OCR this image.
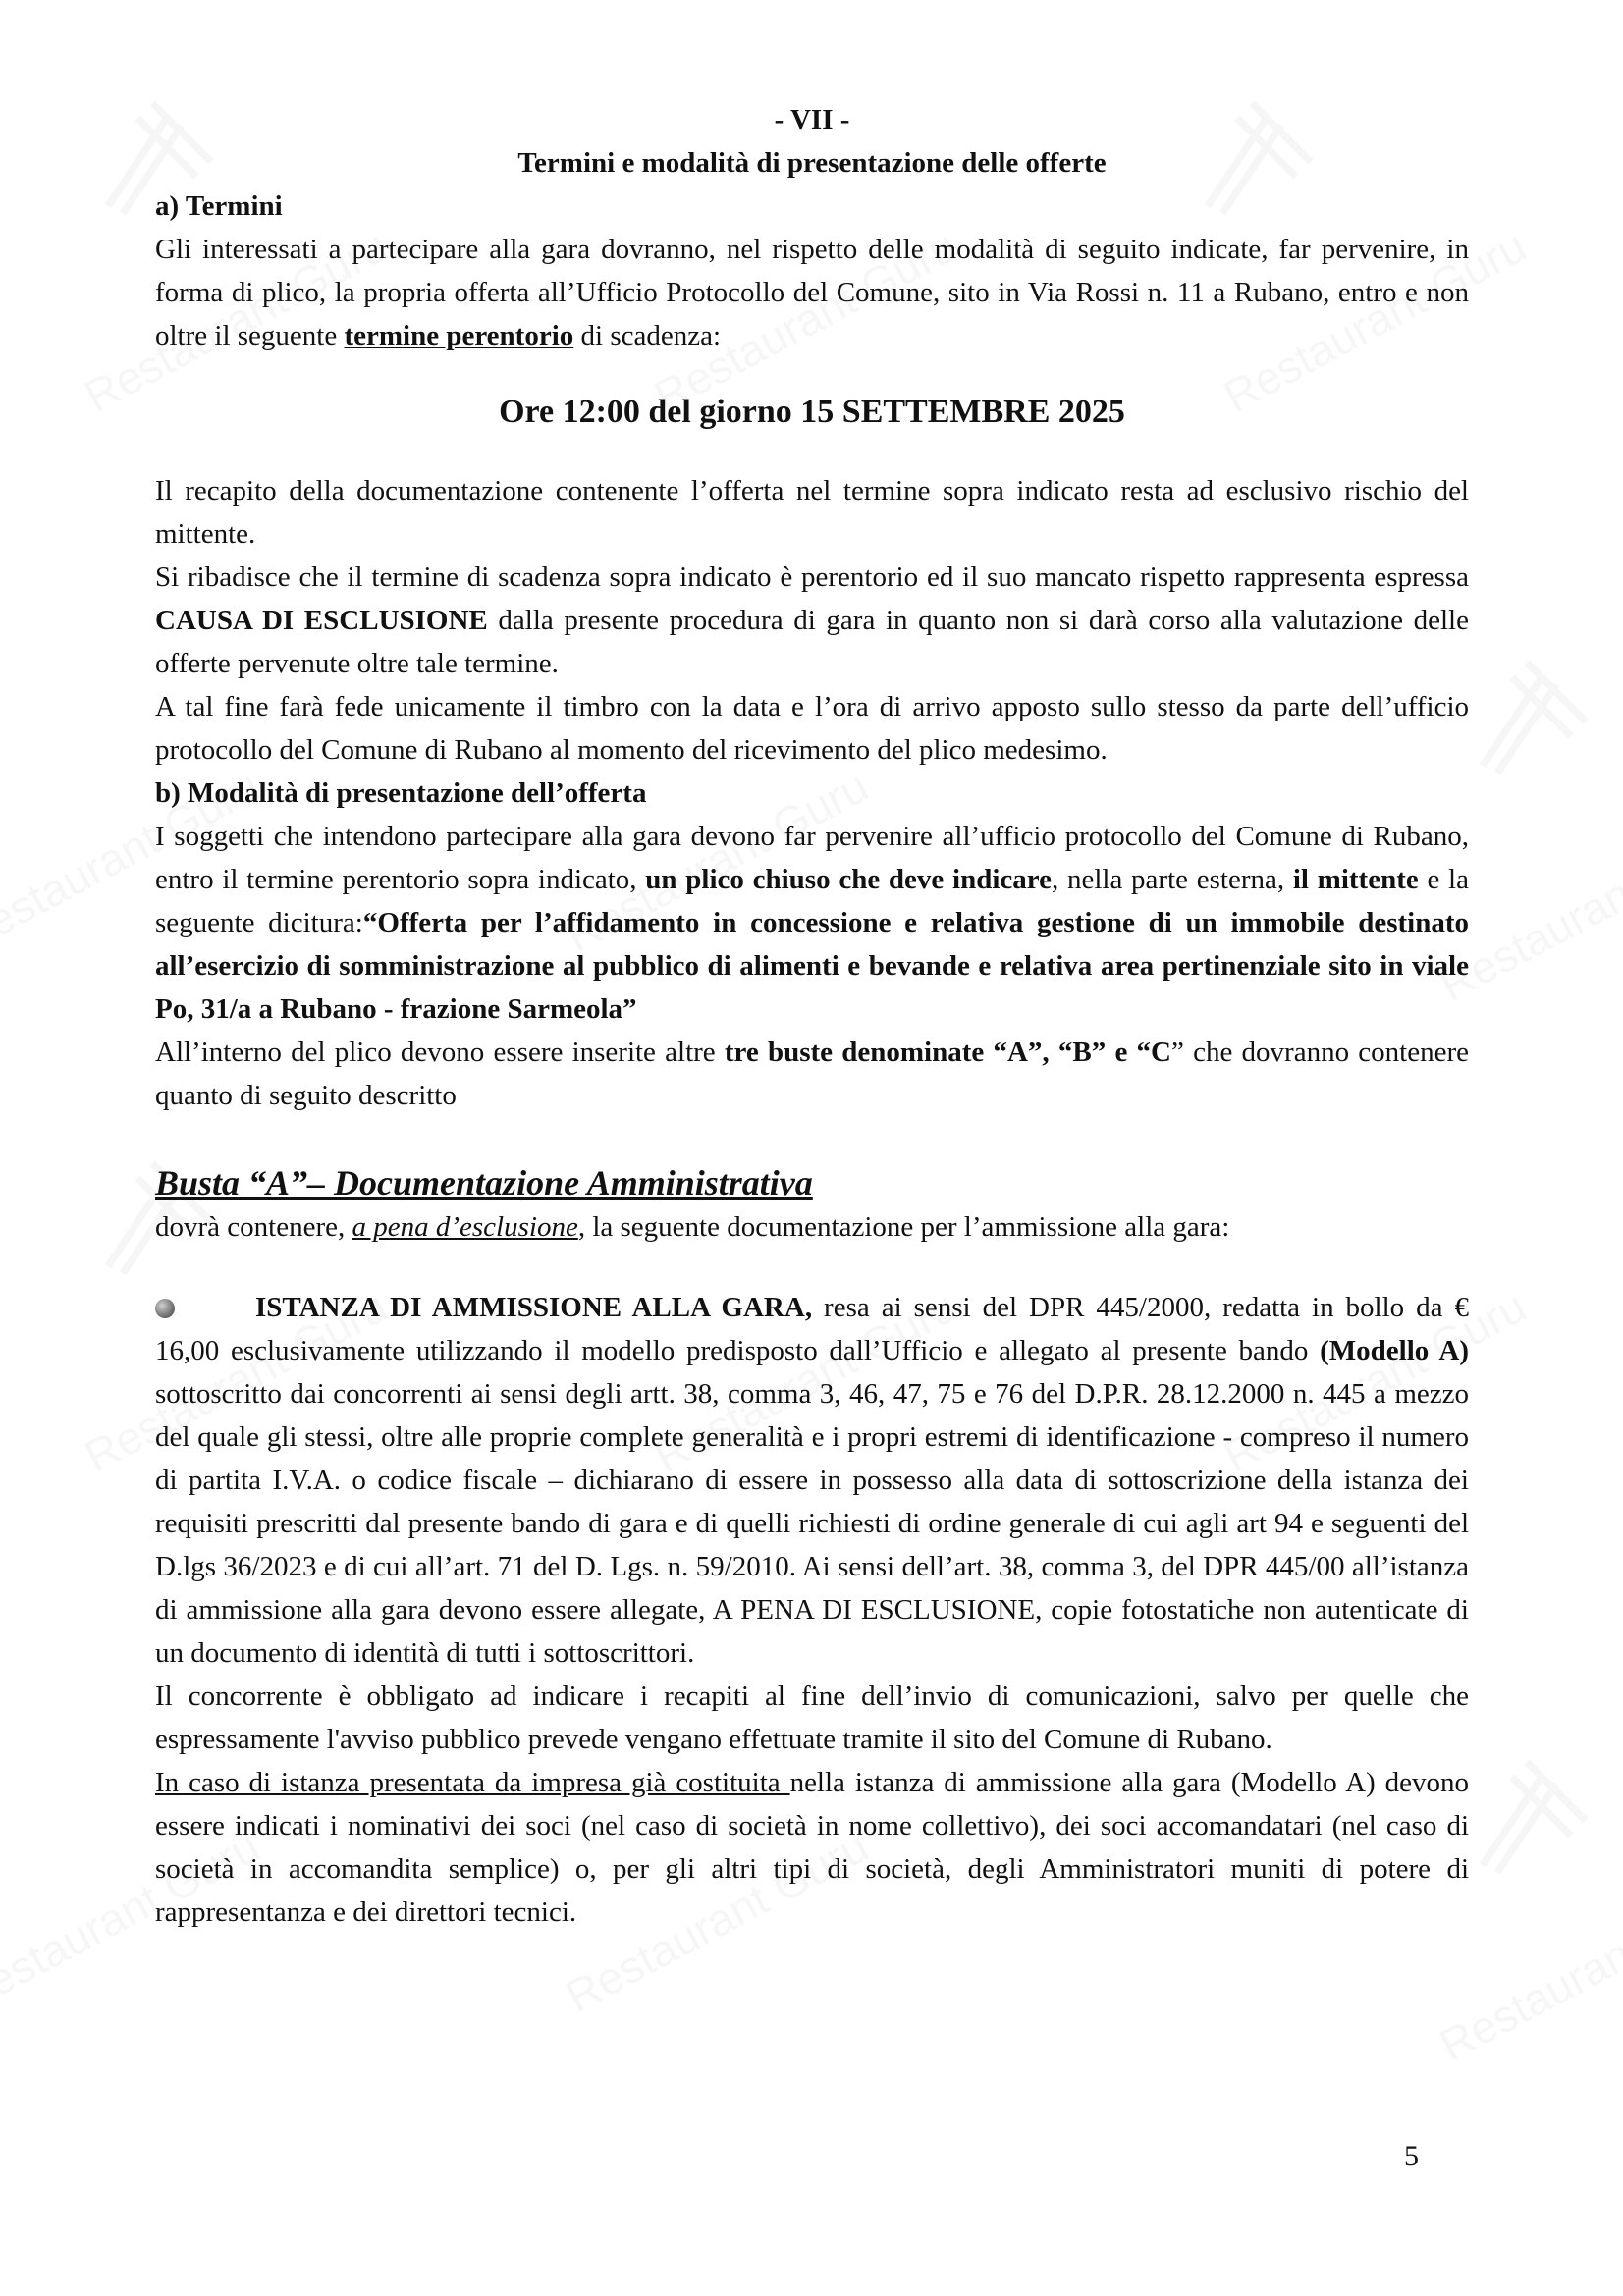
- VII -

Termini e modalità di presentazione delle offerte

a) Termini

Gli interessati a partecipare alla gara dovranno, nel rispetto delle modalità di seguito indicate, far pervenire, in forma di plico, la propria offerta all’Ufficio Protocollo del Comune, sito in Via Rossi n. 11 a Rubano, entro e non oltre il seguente termine perentorio di scadenza:

Ore 12:00 del giorno 15 SETTEMBRE 2025

Il recapito della documentazione contenente l’offerta nel termine sopra indicato resta ad esclusivo rischio del mittente.

Si ribadisce che il termine di scadenza sopra indicato è perentorio ed il suo mancato rispetto rappresenta espressa CAUSA DI ESCLUSIONE dalla presente procedura di gara in quanto non si darà corso alla valutazione delle offerte pervenute oltre tale termine.

A tal fine farà fede unicamente il timbro con la data e l’ora di arrivo apposto sullo stesso da parte dell’ufficio protocollo del Comune di Rubano al momento del ricevimento del plico medesimo.

b) Modalità di presentazione dell’offerta

I soggetti che intendono partecipare alla gara devono far pervenire all’ufficio protocollo del Comune di Rubano, entro il termine perentorio sopra indicato, un plico chiuso che deve indicare, nella parte esterna, il mittente e la seguente dicitura:“Offerta per l’affidamento in concessione e relativa gestione di un immobile destinato all’esercizio di somministrazione al pubblico di alimenti e bevande e relativa area pertinenziale sito in viale Po, 31/a a Rubano - frazione Sarmeola”

All’interno del plico devono essere inserite altre tre buste denominate “A”, “B” e “C” che dovranno contenere quanto di seguito descritto

Busta “A”– Documentazione Amministrativa

dovrà contenere, a pena d’esclusione, la seguente documentazione per l’ammissione alla gara:

ISTANZA DI AMMISSIONE ALLA GARA, resa ai sensi del DPR 445/2000, redatta in bollo da € 16,00 esclusivamente utilizzando il modello predisposto dall’Ufficio e allegato al presente bando (Modello A) sottoscritto dai concorrenti ai sensi degli artt. 38, comma 3, 46, 47, 75 e 76 del D.P.R. 28.12.2000 n. 445 a mezzo del quale gli stessi, oltre alle proprie complete generalità e i propri estremi di identificazione - compreso il numero di partita I.V.A. o codice fiscale – dichiarano di essere in possesso alla data di sottoscrizione della istanza dei requisiti prescritti dal presente bando di gara e di quelli richiesti di ordine generale di cui agli art 94 e seguenti del D.lgs 36/2023 e di cui all’art. 71 del D. Lgs. n. 59/2010. Ai sensi dell’art. 38, comma 3, del DPR 445/00 all’istanza di ammissione alla gara devono essere allegate, A PENA DI ESCLUSIONE, copie fotostatiche non autenticate di un documento di identità di tutti i sottoscrittori.

Il concorrente è obbligato ad indicare i recapiti al fine dell’invio di comunicazioni, salvo per quelle che espressamente l'avviso pubblico prevede vengano effettuate tramite il sito del Comune di Rubano.

In caso di istanza presentata da impresa già costituita nella istanza di ammissione alla gara (Modello A) devono essere indicati i nominativi dei soci (nel caso di società in nome collettivo), dei soci accomandatari (nel caso di società in accomandita semplice) o, per gli altri tipi di società, degli Amministratori muniti di potere di rappresentanza e dei direttori tecnici.

5
